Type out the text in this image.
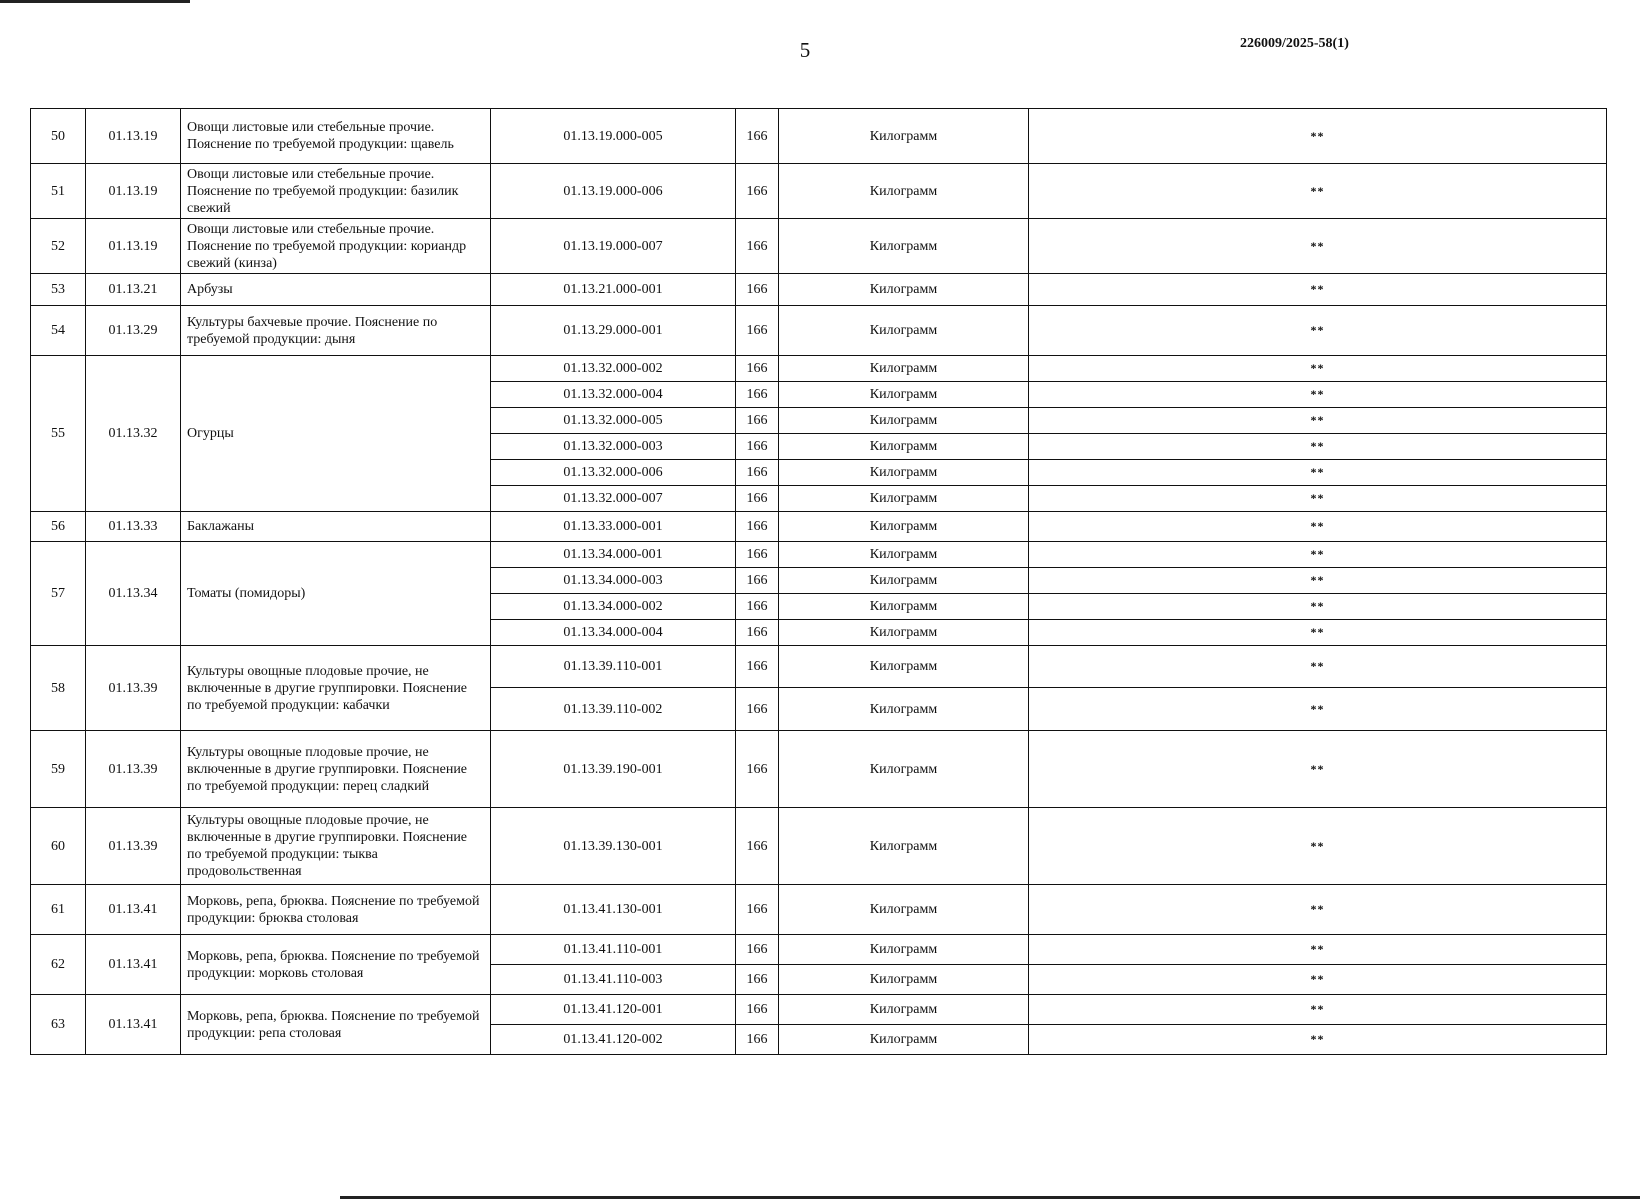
5	226009/2025-58(1)
50	01.13.19	Овощи листовые или стебельные прочие. Пояснение по требуемой продукции: щавель	01.13.19.000-005	166	Килограмм	**
51	01.13.19	Овощи листовые или стебельные прочие. Пояснение по требуемой продукции: базилик свежий	01.13.19.000-006	166	Килограмм	**
52	01.13.19	Овощи листовые или стебельные прочие. Пояснение по требуемой продукции: кориандр свежий (кинза)	01.13.19.000-007	166	Килограмм	**
53	01.13.21	Арбузы	01.13.21.000-001	166	Килограмм	**
54	01.13.29	Культуры бахчевые прочие. Пояснение по требуемой продукции: дыня	01.13.29.000-001	166	Килограмм	**
55	01.13.32	Огурцы	01.13.32.000-002	166	Килограмм	**
			01.13.32.000-004	166	Килограмм	**
			01.13.32.000-005	166	Килограмм	**
			01.13.32.000-003	166	Килограмм	**
			01.13.32.000-006	166	Килограмм	**
			01.13.32.000-007	166	Килограмм	**
56	01.13.33	Баклажаны	01.13.33.000-001	166	Килограмм	**
57	01.13.34	Томаты (помидоры)	01.13.34.000-001	166	Килограмм	**
			01.13.34.000-003	166	Килограмм	**
			01.13.34.000-002	166	Килограмм	**
			01.13.34.000-004	166	Килограмм	**
58	01.13.39	Культуры овощные плодовые прочие, не включенные в другие группировки. Пояснение по требуемой продукции: кабачки	01.13.39.110-001	166	Килограмм	**
			01.13.39.110-002	166	Килограмм	**
59	01.13.39	Культуры овощные плодовые прочие, не включенные в другие группировки. Пояснение по требуемой продукции: перец сладкий	01.13.39.190-001	166	Килограмм	**
60	01.13.39	Культуры овощные плодовые прочие, не включенные в другие группировки. Пояснение по требуемой продукции: тыква продовольственная	01.13.39.130-001	166	Килограмм	**
61	01.13.41	Морковь, репа, брюква. Пояснение по требуемой продукции: брюква столовая	01.13.41.130-001	166	Килограмм	**
62	01.13.41	Морковь, репа, брюква. Пояснение по требуемой продукции: морковь столовая	01.13.41.110-001	166	Килограмм	**
			01.13.41.110-003	166	Килограмм	**
63	01.13.41	Морковь, репа, брюква. Пояснение по требуемой продукции: репа столовая	01.13.41.120-001	166	Килограмм	**
			01.13.41.120-002	166	Килограмм	**
